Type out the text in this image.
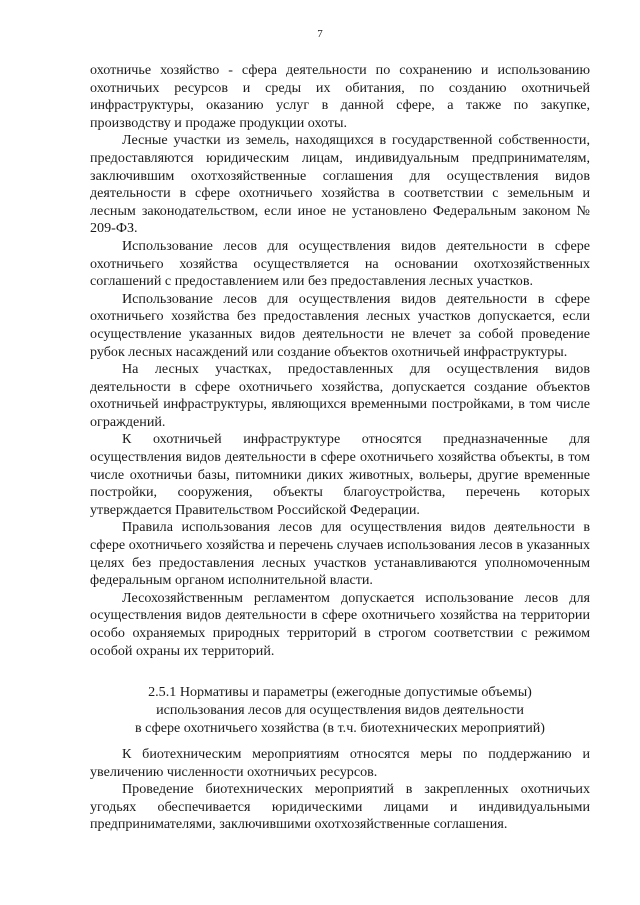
7

охотничье хозяйство - сфера деятельности по сохранению и использованию охотничьих ресурсов и среды их обитания, по созданию охотничьей инфраструктуры, оказанию услуг в данной сфере, а также по закупке, производству и продаже продукции охоты.

Лесные участки из земель, находящихся в государственной собственности, предоставляются юридическим лицам, индивидуальным предпринимателям, заключившим охотхозяйственные соглашения для осуществления видов деятельности в сфере охотничьего хозяйства в соответствии с земельным и лесным законодательством, если иное не установлено Федеральным законом № 209-ФЗ.

Использование лесов для осуществления видов деятельности в сфере охотничьего хозяйства осуществляется на основании охотхозяйственных соглашений с предоставлением или без предоставления лесных участков.

Использование лесов для осуществления видов деятельности в сфере охотничьего хозяйства без предоставления лесных участков допускается, если осуществление указанных видов деятельности не влечет за собой проведение рубок лесных насаждений или создание объектов охотничьей инфраструктуры.

На лесных участках, предоставленных для осуществления видов деятельности в сфере охотничьего хозяйства, допускается создание объектов охотничьей инфраструктуры, являющихся временными постройками, в том числе ограждений.

К охотничьей инфраструктуре относятся предназначенные для осуществления видов деятельности в сфере охотничьего хозяйства объекты, в том числе охотничьи базы, питомники диких животных, вольеры, другие временные постройки, сооружения, объекты благоустройства, перечень которых утверждается Правительством Российской Федерации.

Правила использования лесов для осуществления видов деятельности в сфере охотничьего хозяйства и перечень случаев использования лесов в указанных целях без предоставления лесных участков устанавливаются уполномоченным федеральным органом исполнительной власти.

Лесохозяйственным регламентом допускается использование лесов для осуществления видов деятельности в сфере охотничьего хозяйства на территории особо охраняемых природных территорий в строгом соответствии с режимом особой охраны их территорий.

2.5.1 Нормативы и параметры (ежегодные допустимые объемы)
использования лесов для осуществления видов деятельности
в сфере охотничьего хозяйства (в т.ч. биотехнических мероприятий)

К биотехническим мероприятиям относятся меры по поддержанию и увеличению численности охотничьих ресурсов.

Проведение биотехнических мероприятий в закрепленных охотничьих угодьях обеспечивается юридическими лицами и индивидуальными предпринимателями, заключившими охотхозяйственные соглашения.
